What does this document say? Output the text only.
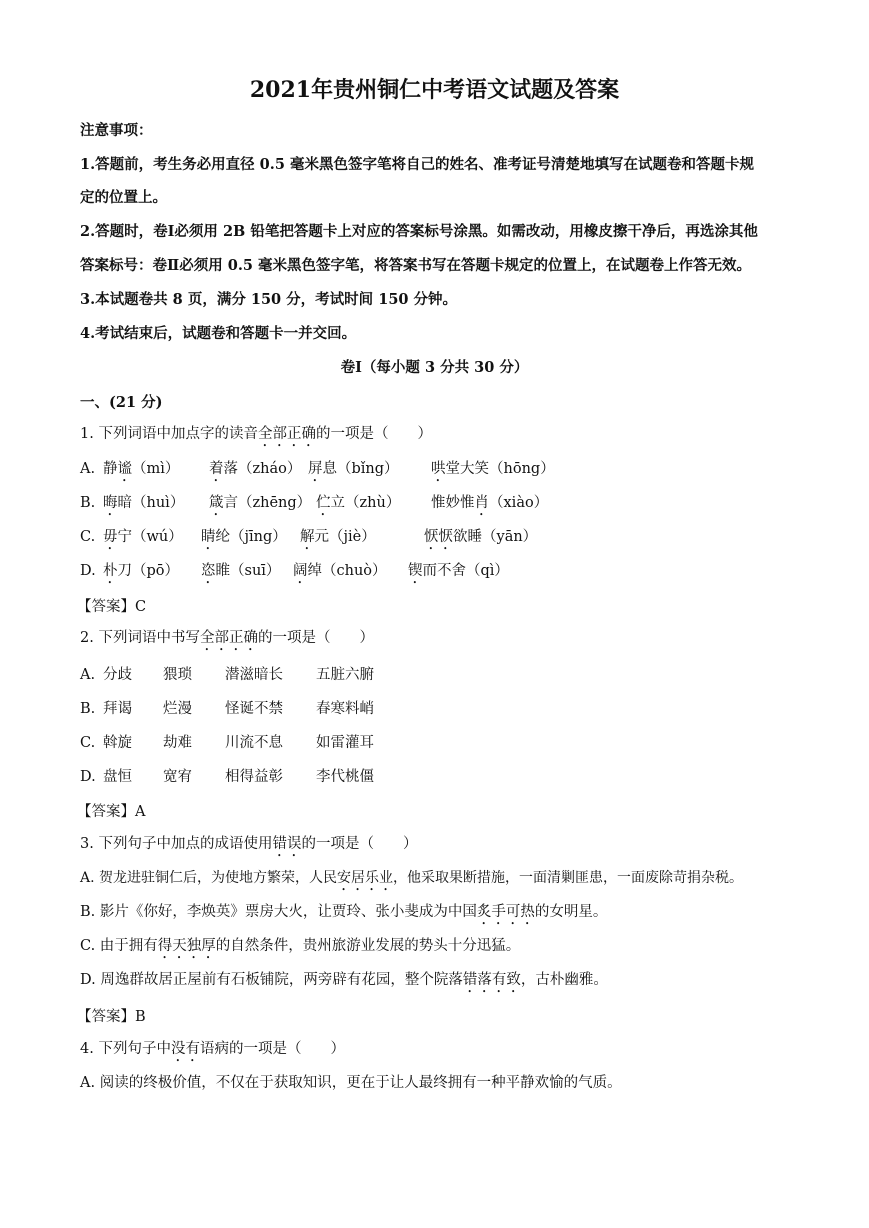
2021年贵州铜仁中考语文试题及答案
注意事项：
1.答题前，考生务必用直径 0.5 毫米黑色签字笔将自己的姓名、准考证号清楚地填写在试题卷和答题卡规
定的位置上。
2.答题时，卷Ⅰ必须用 2B 铅笔把答题卡上对应的答案标号涂黑。如需改动，用橡皮擦干净后，再选涂其他
答案标号：卷Ⅱ必须用 0.5 毫米黑色签字笔，将答案书写在答题卡规定的位置上，在试题卷上作答无效。
3.本试题卷共 8 页，满分 150 分，考试时间 150 分钟。
4.考试结束后，试题卷和答题卡一并交回。
卷Ⅰ（每小题 3 分共 30 分）
一、(21 分)
1. 下列词语中加点字的读音全部正确的一项是（　　）
A. 静谧（mì） 着落（zháo） 屏息（bǐng） 哄堂大笑（hōng）
B. 晦暗（huì） 箴言（zhēng） 伫立（zhù） 惟妙惟肖（xiào）
C. 毋宁（wú） 睛纶（jīng） 解元（jiè）	恹恹欲睡（yān）
D. 朴刀（pō） 恣睢（suī） 阔绰（chuò） 锲而不舍（qì）
【答案】C
2. 下列词语中书写全部正确的一项是（　　）
A. 分歧 猥琐 潜滋暗长 五脏六腑
B. 拜谒 烂漫 怪诞不禁 春寒料峭
C. 斡旋 劫难 川流不息 如雷灌耳
D. 盘恒 宽宥 相得益彰 李代桃僵
【答案】A
3. 下列句子中加点的成语使用错误的一项是（　　）
A. 贺龙进驻铜仁后，为使地方繁荣，人民安居乐业，他采取果断措施，一面清剿匪患，一面废除苛捐杂税。
B. 影片《你好，李焕英》票房大火，让贾玲、张小斐成为中国炙手可热的女明星。
C. 由于拥有得天独厚的自然条件，贵州旅游业发展的势头十分迅猛。
D. 周逸群故居正屋前有石板铺院，两旁辟有花园，整个院落错落有致，古朴幽雅。
【答案】B
4. 下列句子中没有语病的一项是（　　）
A. 阅读的终极价值，不仅在于获取知识，更在于让人最终拥有一种平静欢愉的气质。
